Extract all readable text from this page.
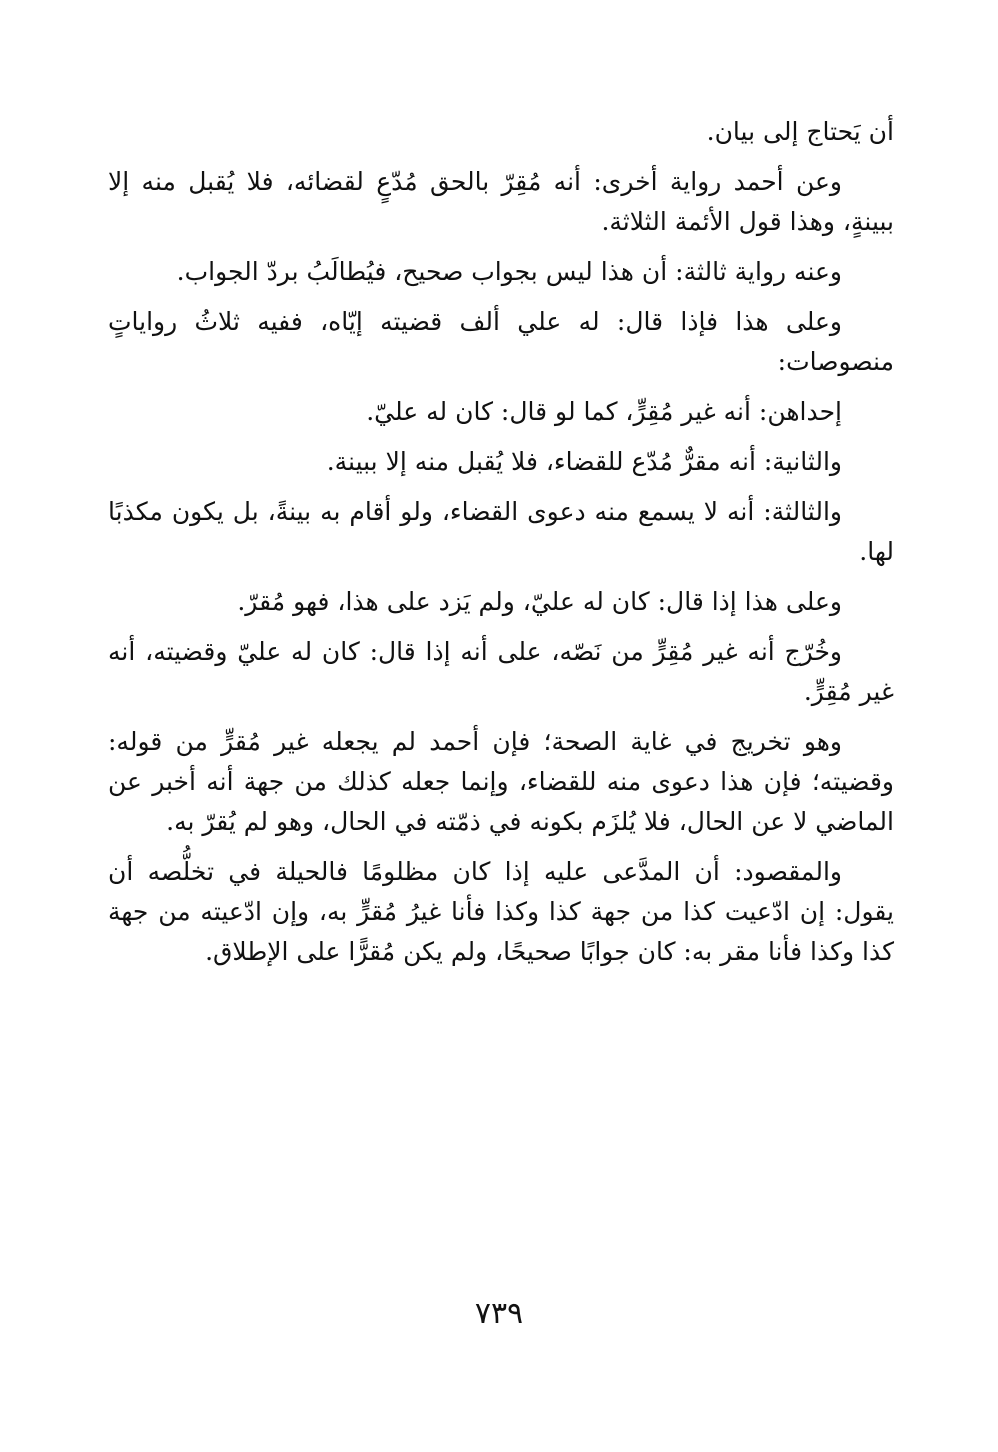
أن يَحتاج إلى بيان.

وعن أحمد رواية أخرى: أنه مُقِرّ بالحق مُدّعٍ لقضائه، فلا يُقبل منه إلا ببينةٍ، وهذا قول الأئمة الثلاثة.

وعنه رواية ثالثة: أن هذا ليس بجواب صحيح، فيُطالَبُ بردّ الجواب.

وعلى هذا فإذا قال: له علي ألف قضيته إيّاه، ففيه ثلاثُ رواياتٍ منصوصات:

إحداهن: أنه غير مُقِرٍّ، كما لو قال: كان له عليّ.

والثانية: أنه مقرٌّ مُدّع للقضاء، فلا يُقبل منه إلا ببينة.

والثالثة: أنه لا يسمع منه دعوى القضاء، ولو أقام به بينةً، بل يكون مكذبًا لها.

وعلى هذا إذا قال: كان له عليّ، ولم يَزد على هذا، فهو مُقرّ.

وخُرّج أنه غير مُقِرٍّ من نَصّه، على أنه إذا قال: كان له عليّ وقضيته، أنه غير مُقِرٍّ.

وهو تخريج في غاية الصحة؛ فإن أحمد لم يجعله غير مُقرٍّ من قوله: وقضيته؛ فإن هذا دعوى منه للقضاء، وإنما جعله كذلك من جهة أنه أخبر عن الماضي لا عن الحال، فلا يُلزَم بكونه في ذمّته في الحال، وهو لم يُقرّ به.

والمقصود: أن المدَّعى عليه إذا كان مظلومًا فالحيلة في تخلُّصه أن يقول: إن ادّعيت كذا من جهة كذا وكذا فأنا غيرُ مُقرٍّ به، وإن ادّعيته من جهة كذا وكذا فأنا مقر به: كان جوابًا صحيحًا، ولم يكن مُقرًّا على الإطلاق.

٧٣٩
